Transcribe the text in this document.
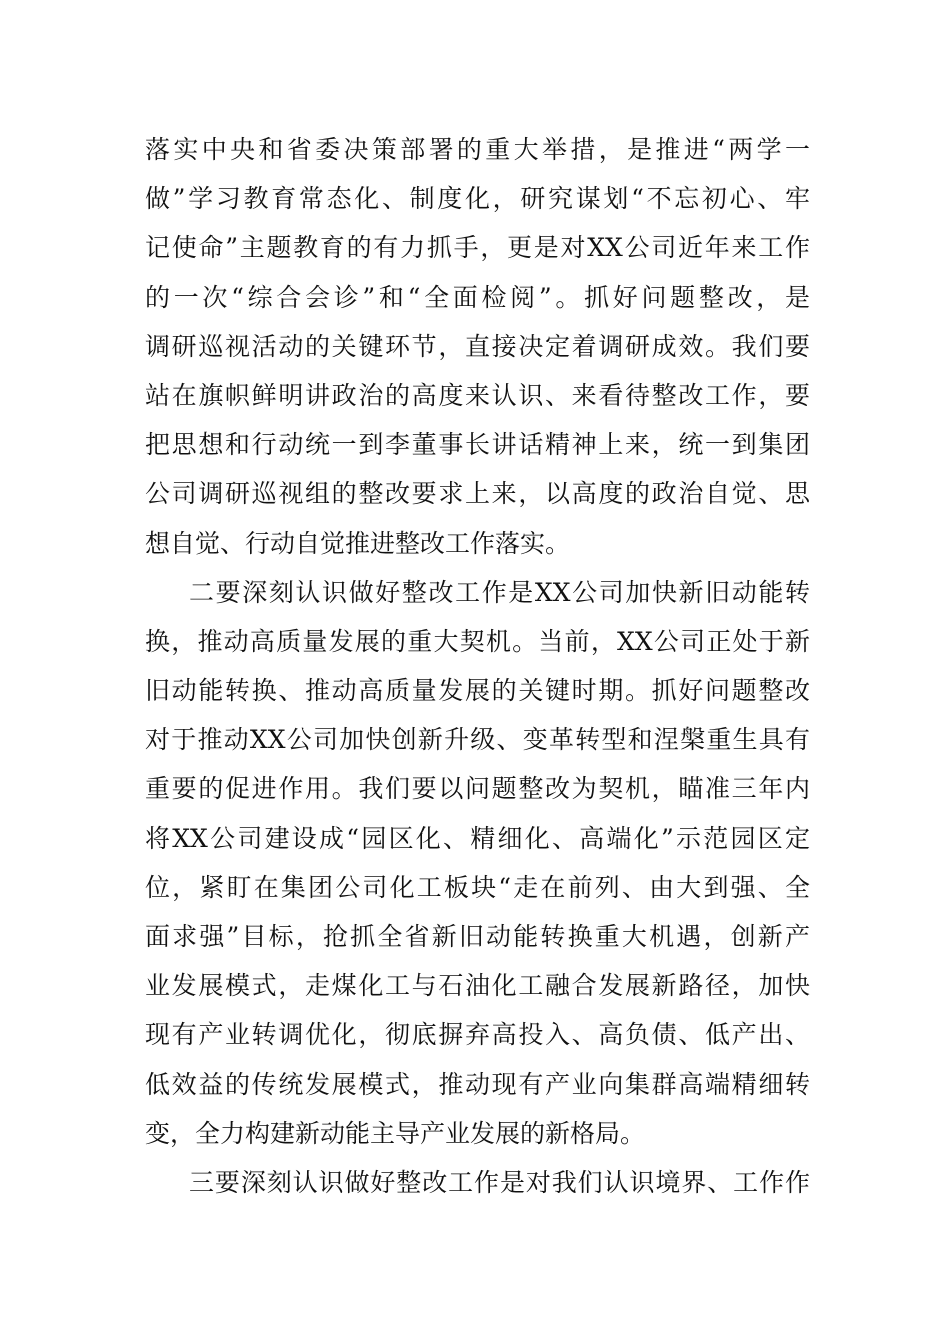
落实中央和省委决策部署的重大举措，是推进“两学一
做”学习教育常态化、制度化，研究谋划“不忘初心、牢
记使命”主题教育的有力抓手，更是对XX公司近年来工作
的一次“综合会诊”和“全面检阅”。抓好问题整改，是
调研巡视活动的关键环节，直接决定着调研成效。我们要
站在旗帜鲜明讲政治的高度来认识、来看待整改工作，要
把思想和行动统一到李董事长讲话精神上来，统一到集团
公司调研巡视组的整改要求上来，以高度的政治自觉、思
想自觉、行动自觉推进整改工作落实。
二要深刻认识做好整改工作是XX公司加快新旧动能转
换，推动高质量发展的重大契机。当前，XX公司正处于新
旧动能转换、推动高质量发展的关键时期。抓好问题整改
对于推动XX公司加快创新升级、变革转型和涅槃重生具有
重要的促进作用。我们要以问题整改为契机，瞄准三年内
将XX公司建设成“园区化、精细化、高端化”示范园区定
位，紧盯在集团公司化工板块“走在前列、由大到强、全
面求强”目标，抢抓全省新旧动能转换重大机遇，创新产
业发展模式，走煤化工与石油化工融合发展新路径，加快
现有产业转调优化，彻底摒弃高投入、高负债、低产出、
低效益的传统发展模式，推动现有产业向集群高端精细转
变，全力构建新动能主导产业发展的新格局。
三要深刻认识做好整改工作是对我们认识境界、工作作
